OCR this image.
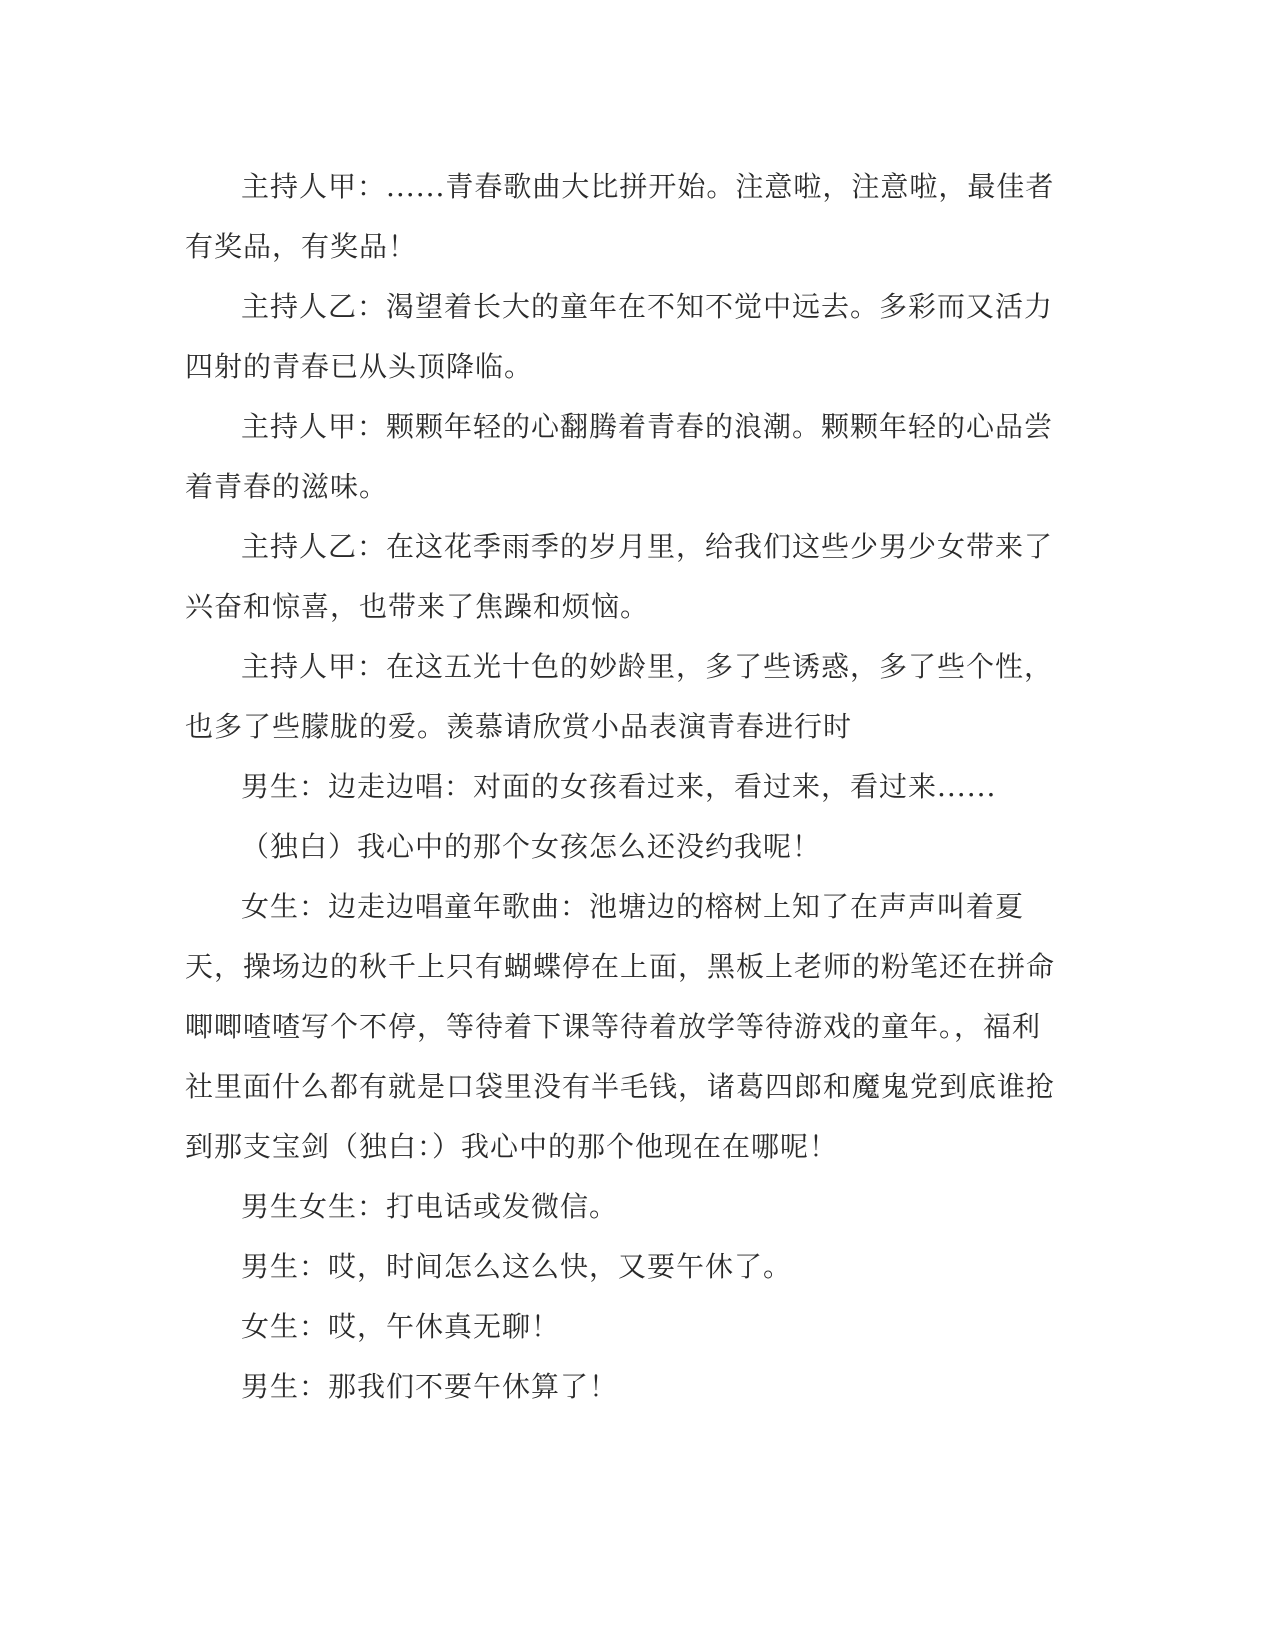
主持人甲：......青春歌曲大比拼开始。注意啦，注意啦，最佳者有奖品，有奖品！

主持人乙：渴望着长大的童年在不知不觉中远去。多彩而又活力四射的青春已从头顶降临。

主持人甲：颗颗年轻的心翻腾着青春的浪潮。颗颗年轻的心品尝着青春的滋味。

主持人乙：在这花季雨季的岁月里，给我们这些少男少女带来了兴奋和惊喜，也带来了焦躁和烦恼。

主持人甲：在这五光十色的妙龄里，多了些诱惑，多了些个性，也多了些朦胧的爱。羡慕请欣赏小品表演青春进行时

男生：边走边唱：对面的女孩看过来，看过来，看过来......

（独白）我心中的那个女孩怎么还没约我呢！

女生：边走边唱童年歌曲：池塘边的榕树上知了在声声叫着夏天，操场边的秋千上只有蝴蝶停在上面，黑板上老师的粉笔还在拼命唧唧喳喳写个不停，等待着下课等待着放学等待游戏的童年。，福利社里面什么都有就是口袋里没有半毛钱，诸葛四郎和魔鬼党到底谁抢到那支宝剑（独白：）我心中的那个他现在在哪呢！

男生女生：打电话或发微信。

男生：哎，时间怎么这么快，又要午休了。

女生：哎，午休真无聊！

男生：那我们不要午休算了！
